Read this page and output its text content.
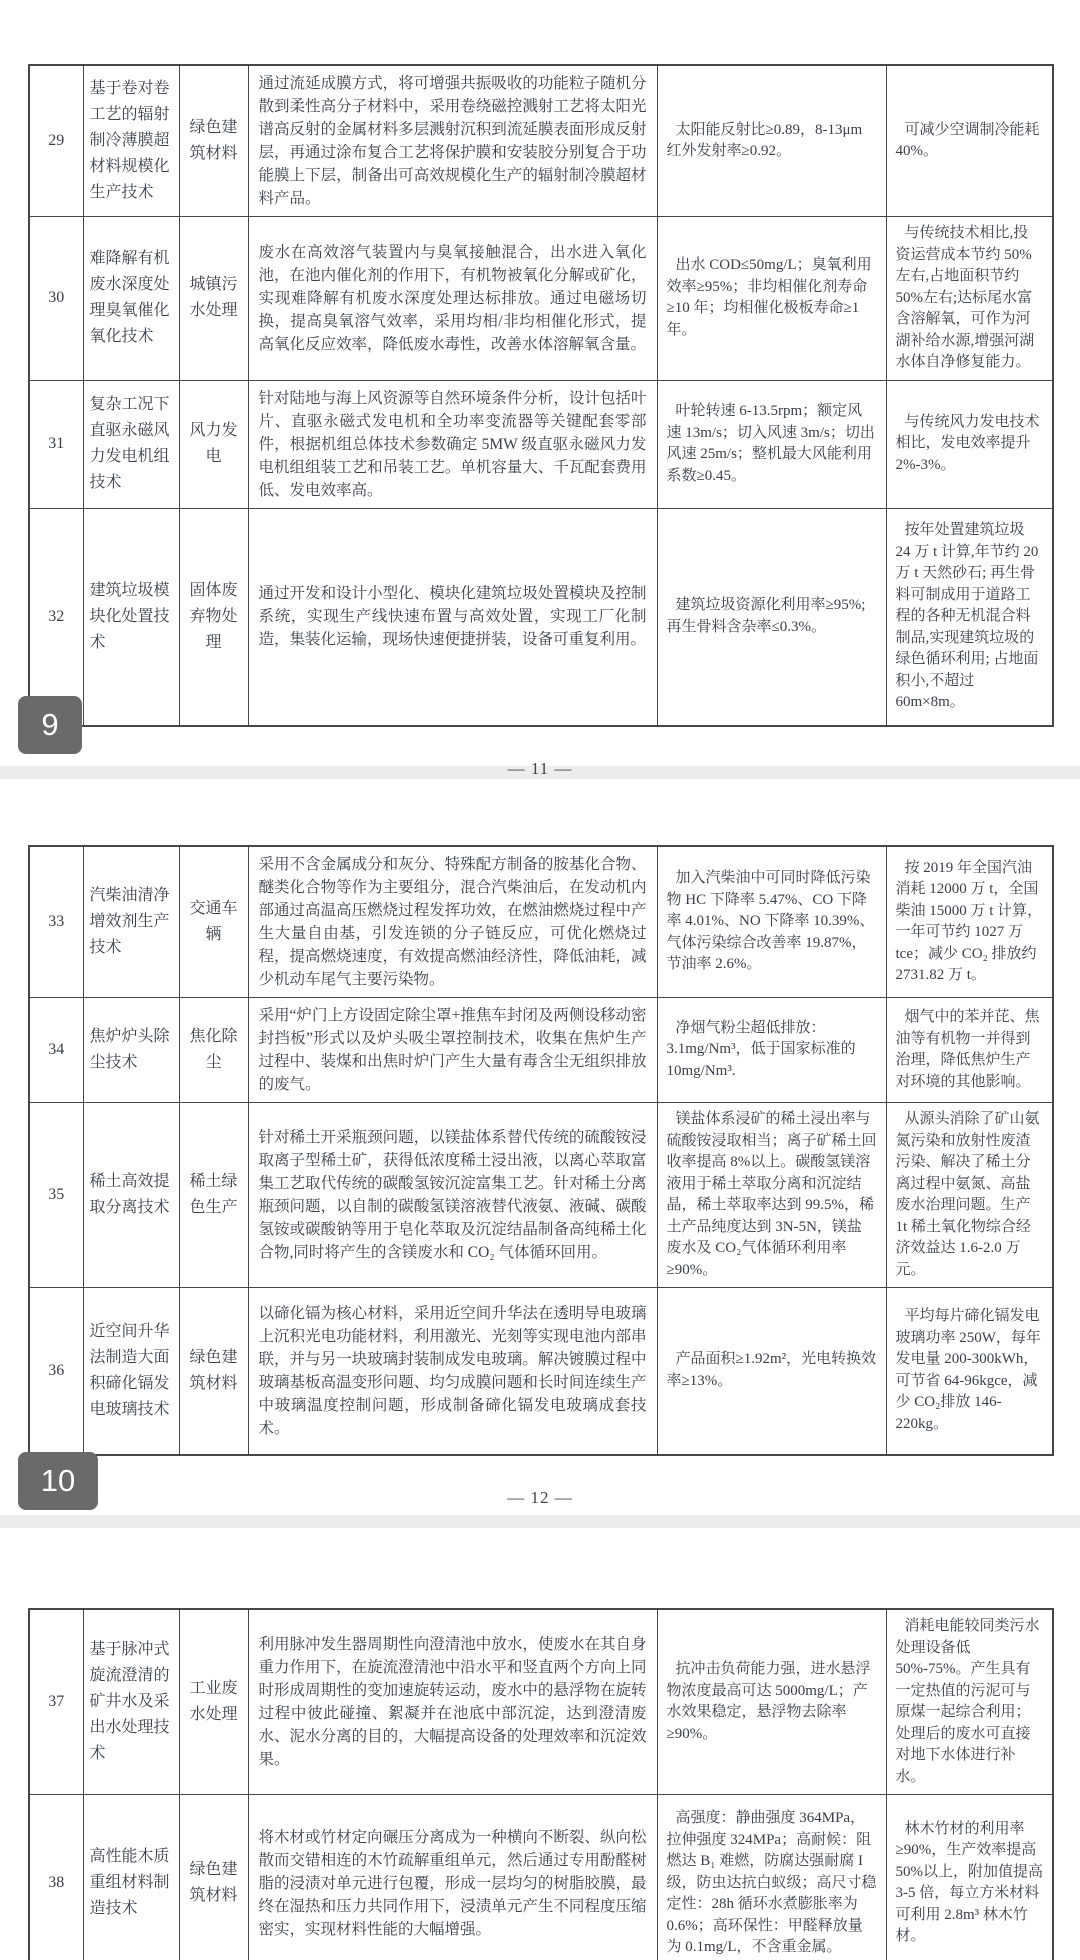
29	基于卷对卷工艺的辐射制冷薄膜超材料规模化生产技术	绿色建筑材料	通过流延成膜方式，将可增强共振吸收的功能粒子随机分散到柔性高分子材料中，采用卷绕磁控溅射工艺将太阳光谱高反射的金属材料多层溅射沉积到流延膜表面形成反射层，再通过涂布复合工艺将保护膜和安装胶分别复合于功能膜上下层，制备出可高效规模化生产的辐射制冷膜超材料产品。	太阳能反射比≥0.89，8-13μm 红外发射率≥0.92。	可减少空调制冷能耗 40%。
30	难降解有机废水深度处理臭氧催化氧化技术	城镇污水处理	废水在高效溶气装置内与臭氧接触混合，出水进入氧化池，在池内催化剂的作用下，有机物被氧化分解或矿化，实现难降解有机废水深度处理达标排放。通过电磁场切换，提高臭氧溶气效率，采用均相/非均相催化形式，提高氧化反应效率，降低废水毒性，改善水体溶解氧含量。	出水 COD≤50mg/L；臭氧利用效率≥95%；非均相催化剂寿命≥10 年；均相催化极板寿命≥1 年。	与传统技术相比,投资运营成本节约 50%左右,占地面积节约 50%左右;达标尾水富含溶解氧，可作为河湖补给水源,增强河湖水体自净修复能力。
31	复杂工况下直驱永磁风力发电机组技术	风力发电	针对陆地与海上风资源等自然环境条件分析，设计包括叶片、直驱永磁式发电机和全功率变流器等关键配套零部件，根据机组总体技术参数确定 5MW 级直驱永磁风力发电机组组装工艺和吊装工艺。单机容量大、千瓦配套费用低、发电效率高。	叶轮转速 6-13.5rpm；额定风速 13m/s；切入风速 3m/s；切出风速 25m/s；整机最大风能利用系数≥0.45。	与传统风力发电技术相比，发电效率提升 2%-3%。
32	建筑垃圾模块化处置技术	固体废弃物处理	通过开发和设计小型化、模块化建筑垃圾处置模块及控制系统，实现生产线快速布置与高效处置，实现工厂化制造，集装化运输，现场快速便捷拼装，设备可重复利用。	建筑垃圾资源化利用率≥95%;再生骨料含杂率≤0.3%。	按年处置建筑垃圾 24 万 t 计算,年节约 20 万 t 天然砂石; 再生骨料可制成用于道路工程的各种无机混合料制品,实现建筑垃圾的绿色循环利用; 占地面积小,不超过 60m×8m。
— 11 —
33	汽柴油清净增效剂生产技术	交通车辆	采用不含金属成分和灰分、特殊配方制备的胺基化合物、醚类化合物等作为主要组分，混合汽柴油后，在发动机内部通过高温高压燃烧过程发挥功效，在燃油燃烧过程中产生大量自由基，引发连锁的分子链反应，可优化燃烧过程，提高燃烧速度，有效提高燃油经济性，降低油耗，减少机动车尾气主要污染物。	加入汽柴油中可同时降低污染物 HC 下降率 5.47%、CO 下降率 4.01%、NO 下降率 10.39%、气体污染综合改善率 19.87%，节油率 2.6%。	按 2019 年全国汽油消耗 12000 万 t，全国柴油 15000 万 t 计算，一年可节约 1027 万 tce；减少 CO₂ 排放约 2731.82 万 t。
34	焦炉炉头除尘技术	焦化除尘	采用“炉门上方设固定除尘罩+推焦车封闭及两侧设移动密封挡板”形式以及炉头吸尘罩控制技术，收集在焦炉生产过程中、装煤和出焦时炉门产生大量有毒含尘无组织排放的废气。	净烟气粉尘超低排放：3.1mg/Nm³，低于国家标准的 10mg/Nm³.	烟气中的苯并芘、焦油等有机物一并得到治理，降低焦炉生产对环境的其他影响。
35	稀土高效提取分离技术	稀土绿色生产	针对稀土开采瓶颈问题，以镁盐体系替代传统的硫酸铵浸取离子型稀土矿，获得低浓度稀土浸出液，以离心萃取富集工艺取代传统的碳酸氢铵沉淀富集工艺。针对稀土分离瓶颈问题，以自制的碳酸氢镁溶液替代液氨、液碱、碳酸氢铵或碳酸钠等用于皂化萃取及沉淀结晶制备高纯稀土化合物,同时将产生的含镁废水和 CO₂ 气体循环回用。	镁盐体系浸矿的稀土浸出率与硫酸铵浸取相当；离子矿稀土回收率提高 8%以上。碳酸氢镁溶液用于稀土萃取分离和沉淀结晶，稀土萃取率达到 99.5%，稀土产品纯度达到 3N-5N，镁盐废水及 CO₂气体循环利用率≥90%。	从源头消除了矿山氨氮污染和放射性废渣污染、解决了稀土分离过程中氨氮、高盐废水治理问题。生产 1t 稀土氧化物综合经济效益达 1.6-2.0 万元。
36	近空间升华法制造大面积碲化镉发电玻璃技术	绿色建筑材料	以碲化镉为核心材料，采用近空间升华法在透明导电玻璃上沉积光电功能材料，利用激光、光刻等实现电池内部串联，并与另一块玻璃封装制成发电玻璃。解决镀膜过程中玻璃基板高温变形问题、均匀成膜问题和长时间连续生产中玻璃温度控制问题，形成制备碲化镉发电玻璃成套技术。	产品面积≥1.92m²，光电转换效率≥13%。	平均每片碲化镉发电玻璃功率 250W，每年发电量 200-300kWh，可节省 64-96kgce，减少 CO₂排放 146-220kg。
— 12 —
37	基于脉冲式旋流澄清的矿井水及采出水处理技术	工业废水处理	利用脉冲发生器周期性向澄清池中放水，使废水在其自身重力作用下，在旋流澄清池中沿水平和竖直两个方向上同时形成周期性的变加速旋转运动，废水中的悬浮物在旋转过程中彼此碰撞、絮凝并在池底中部沉淀，达到澄清废水、泥水分离的目的，大幅提高设备的处理效率和沉淀效果。	抗冲击负荷能力强，进水悬浮物浓度最高可达 5000mg/L；产水效果稳定，悬浮物去除率≥90%。	消耗电能较同类污水处理设备低 50%-75%。产生具有一定热值的污泥可与原煤一起综合利用；处理后的废水可直接对地下水体进行补水。
38	高性能木质重组材料制造技术	绿色建筑材料	将木材或竹材定向碾压分离成为一种横向不断裂、纵向松散而交错相连的木竹疏解重组单元，然后通过专用酚醛树脂的浸渍对单元进行包覆，形成一层均匀的树脂胶膜，最终在湿热和压力共同作用下，浸渍单元产生不同程度压缩密实，实现材料性能的大幅增强。	高强度：静曲强度 364MPa，拉伸强度 324MPa；高耐候：阻燃达 B₁ 难燃，防腐达强耐腐 I 级，防虫达抗白蚁级；高尺寸稳定性：28h 循环水煮膨胀率为 0.6%；高环保性：甲醛释放量为 0.1mg/L，不含重金属。	林木竹材的利用率≥90%，生产效率提高 50%以上，附加值提高 3-5 倍，每立方米材料可利用 2.8m³ 林木竹材。
9
10
